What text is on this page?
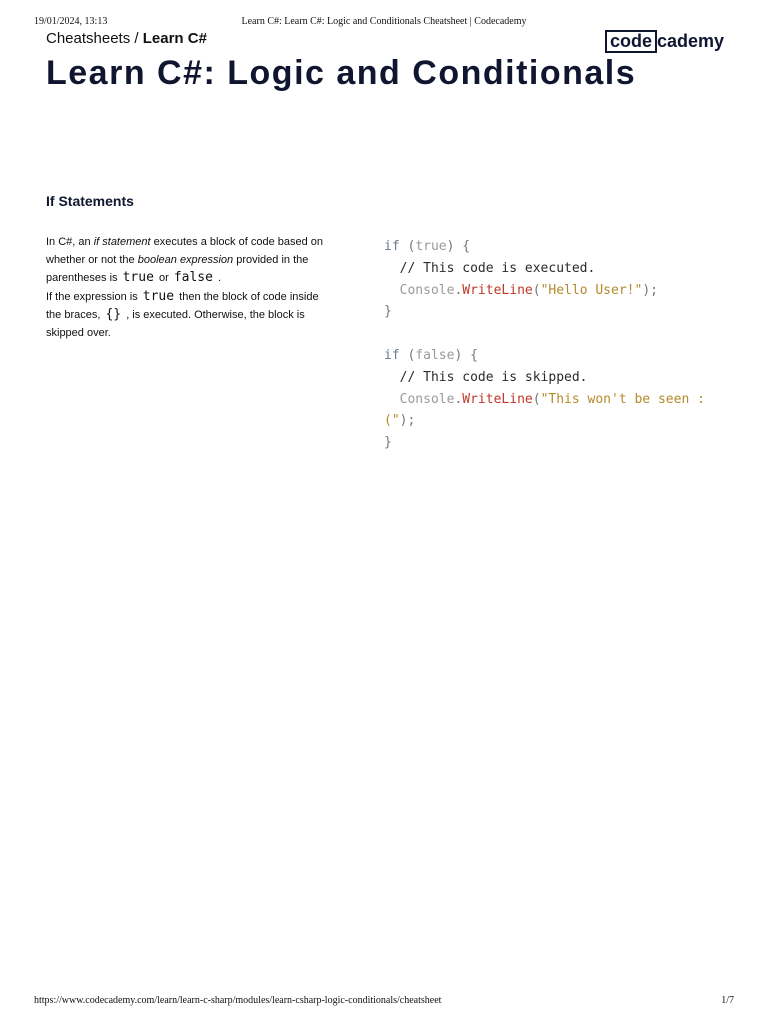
19/01/2024, 13:13	Learn C#: Learn C#: Logic and Conditionals Cheatsheet | Codecademy
Cheatsheets / Learn C#	code cademy
Learn C#: Logic and Conditionals
If Statements

In C#, an if statement executes a block of code based on whether or not the boolean expression provided in the parentheses is true or false .

If the expression is true then the block of code inside the braces, {} , is executed. Otherwise, the block is skipped over.

if (true) {
// This code is executed.
Console.WriteLine("Hello User!");
}

if (false) {
// This code is skipped.
Console.WriteLine("This won't be seen :
(");
}
https://www.codecademy.com/learn/learn-c-sharp/modules/learn-csharp-logic-conditionals/cheatsheet	1/7
